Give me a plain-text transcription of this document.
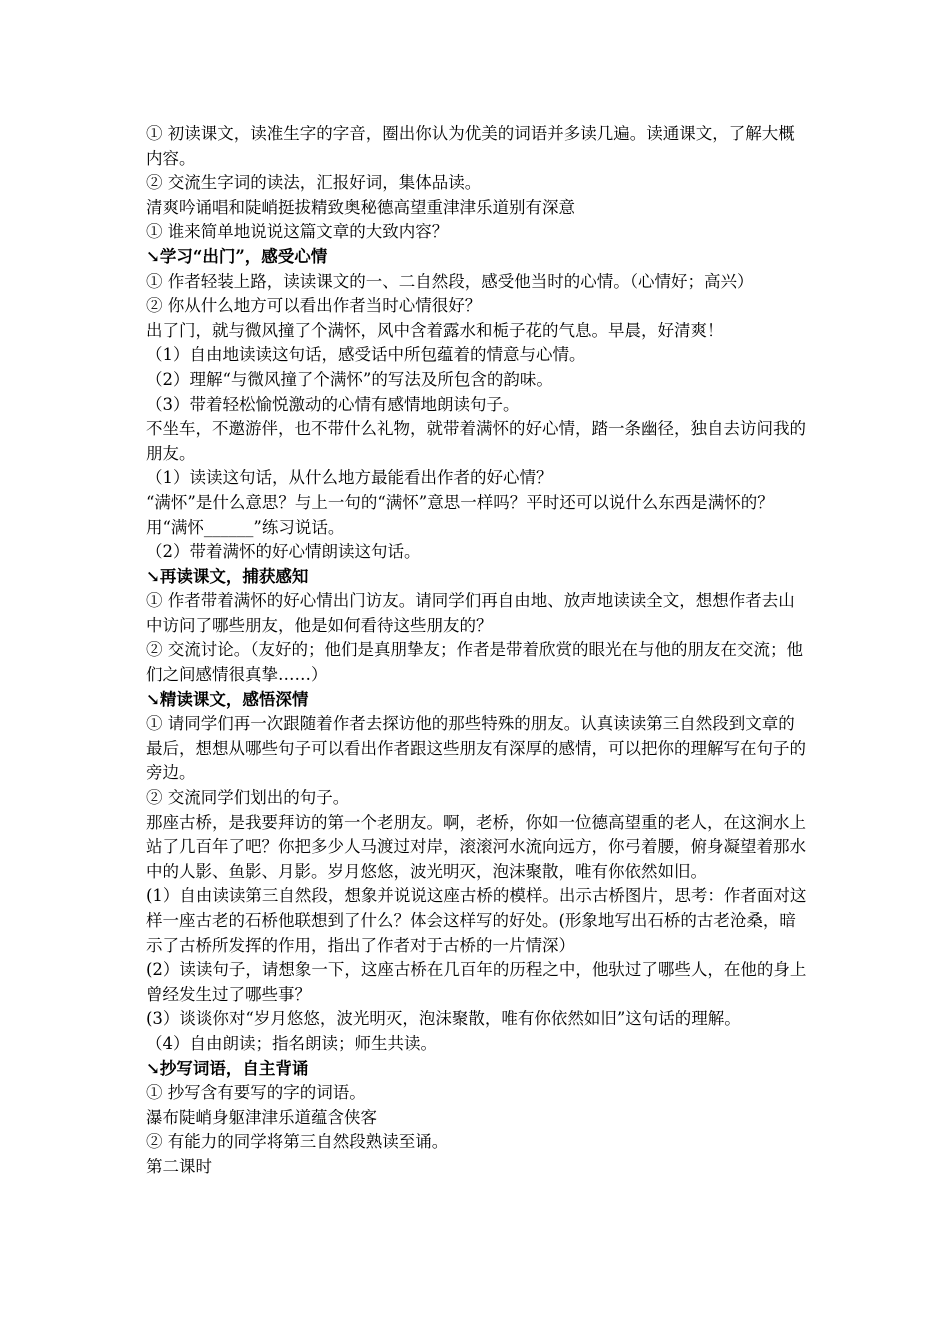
① 初读课文，读准生字的字音，圈出你认为优美的词语并多读几遍。读通课文，了解大概内容。

② 交流生字词的读法，汇报好词，集体品读。

清爽吟诵唱和陡峭挺拔精致奥秘德高望重津津乐道别有深意

① 谁来简单地说说这篇文章的大致内容？

↘学习“出门”，感受心情

① 作者轻装上路，读读课文的一、二自然段，感受他当时的心情。（心情好；高兴）

② 你从什么地方可以看出作者当时心情很好？

出了门，就与微风撞了个满怀，风中含着露水和栀子花的气息。早晨，好清爽！

（1）自由地读读这句话，感受话中所包蕴着的情意与心情。

（2）理解“与微风撞了个满怀”的写法及所包含的韵味。

（3）带着轻松愉悦激动的心情有感情地朗读句子。

不坐车，不邀游伴，也不带什么礼物，就带着满怀的好心情，踏一条幽径，独自去访问我的朋友。

（1）读读这句话，从什么地方最能看出作者的好心情？

“满怀”是什么意思？与上一句的“满怀”意思一样吗？平时还可以说什么东西是满怀的？用“满怀______”练习说话。

（2）带着满怀的好心情朗读这句话。

↘再读课文，捕获感知

① 作者带着满怀的好心情出门访友。请同学们再自由地、放声地读读全文，想想作者去山中访问了哪些朋友，他是如何看待这些朋友的？

② 交流讨论。（友好的；他们是真朋挚友；作者是带着欣赏的眼光在与他的朋友在交流；他们之间感情很真挚……）

↘精读课文，感悟深情

① 请同学们再一次跟随着作者去探访他的那些特殊的朋友。认真读读第三自然段到文章的最后，想想从哪些句子可以看出作者跟这些朋友有深厚的感情，可以把你的理解写在句子的旁边。

② 交流同学们划出的句子。

那座古桥，是我要拜访的第一个老朋友。啊，老桥，你如一位德高望重的老人，在这涧水上站了几百年了吧？你把多少人马渡过对岸，滚滚河水流向远方，你弓着腰，俯身凝望着那水中的人影、鱼影、月影。岁月悠悠，波光明灭，泡沫聚散，唯有你依然如旧。

(1）自由读读第三自然段，想象并说说这座古桥的模样。出示古桥图片，思考：作者面对这样一座古老的石桥他联想到了什么？体会这样写的好处。(形象地写出石桥的古老沧桑，暗示了古桥所发挥的作用，指出了作者对于古桥的一片情深）

(2）读读句子，请想象一下，这座古桥在几百年的历程之中，他驮过了哪些人，在他的身上曾经发生过了哪些事？

(3）谈谈你对“岁月悠悠，波光明灭，泡沫聚散，唯有你依然如旧”这句话的理解。

（4）自由朗读；指名朗读；师生共读。

↘抄写词语，自主背诵

① 抄写含有要写的字的词语。

瀑布陡峭身躯津津乐道蕴含侠客

② 有能力的同学将第三自然段熟读至诵。

第二课时
